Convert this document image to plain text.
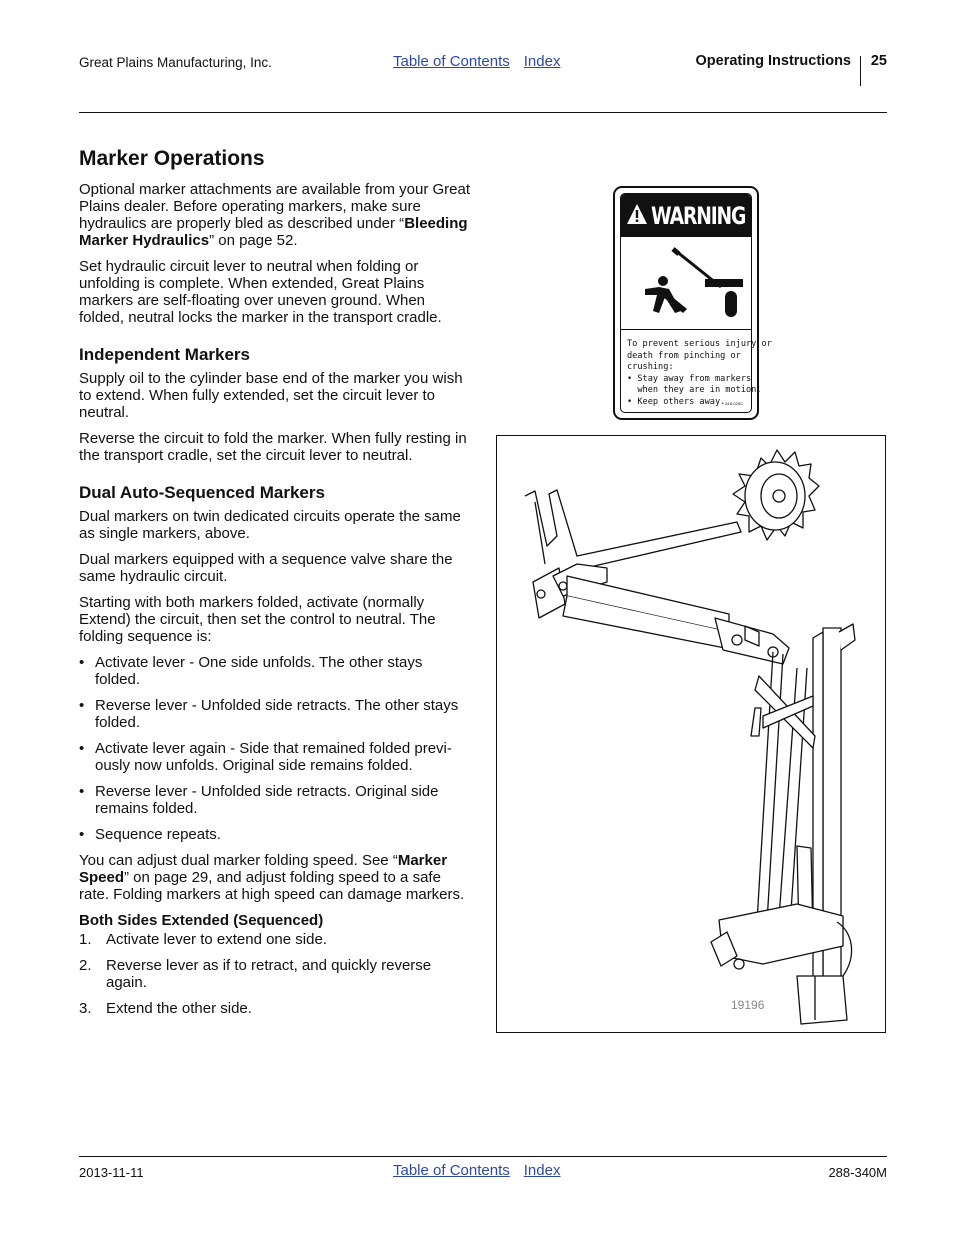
Great Plains Manufacturing, Inc.	Table of Contents Index	Operating Instructions 25
Marker Operations

Optional marker attachments are available from your Great Plains dealer. Before operating markers, make sure hydraulics are properly bled as described under “Bleeding Marker Hydraulics” on page 52.

Set hydraulic circuit lever to neutral when folding or unfolding is complete. When extended, Great Plains markers are self-floating over uneven ground. When folded, neutral locks the marker in the transport cradle.

Independent Markers

Supply oil to the cylinder base end of the marker you wish to extend. When fully extended, set the circuit lever to neutral.

Reverse the circuit to fold the marker. When fully resting in the transport cradle, set the circuit lever to neutral.

Dual Auto-Sequenced Markers

Dual markers on twin dedicated circuits operate the same as single markers, above.

Dual markers equipped with a sequence valve share the same hydraulic circuit.

Starting with both markers folded, activate (normally Extend) the circuit, then set the control to neutral. The folding sequence is:

• Activate lever - One side unfolds. The other stays folded.
• Reverse lever - Unfolded side retracts. The other stays folded.
• Activate lever again - Side that remained folded previ-ously now unfolds. Original side remains folded.
• Reverse lever - Unfolded side retracts. Original side remains folded.
• Sequence repeats.

You can adjust dual marker folding speed. See “Marker Speed” on page 29, and adjust folding speed to a safe rate. Folding markers at high speed can damage markers.

Both Sides Extended (Sequenced)
1. Activate lever to extend one side.
2. Reverse lever as if to retract, and quickly reverse again.
3. Extend the other side.
WARNING
To prevent serious injury or
death from pinching or
crushing:
• Stay away from markers
when they are in motion.
• Keep others away. 818-025C
19196
2013-11-11	Table of Contents Index	288-340M
